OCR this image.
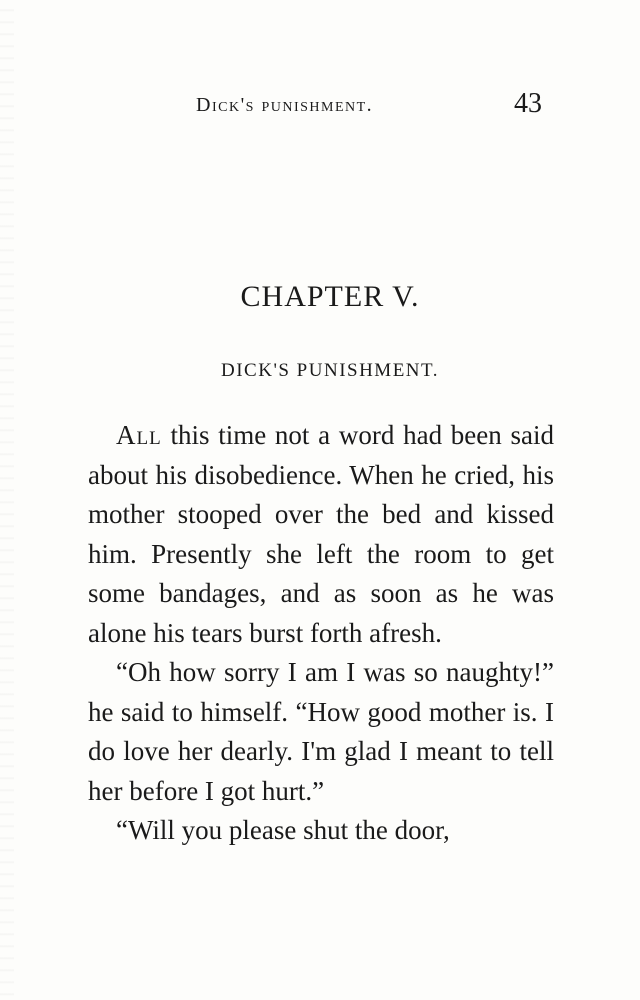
Dick's punishment.	43
CHAPTER V.
DICK'S PUNISHMENT.

All this time not a word had been said about his disobedience. When he cried, his mother stooped over the bed and kissed him. Presently she left the room to get some bandages, and as soon as he was alone his tears burst forth afresh.

“Oh how sorry I am I was so naughty!” he said to himself. “How good mother is. I do love her dearly. I'm glad I meant to tell her before I got hurt.”

“Will you please shut the door,
